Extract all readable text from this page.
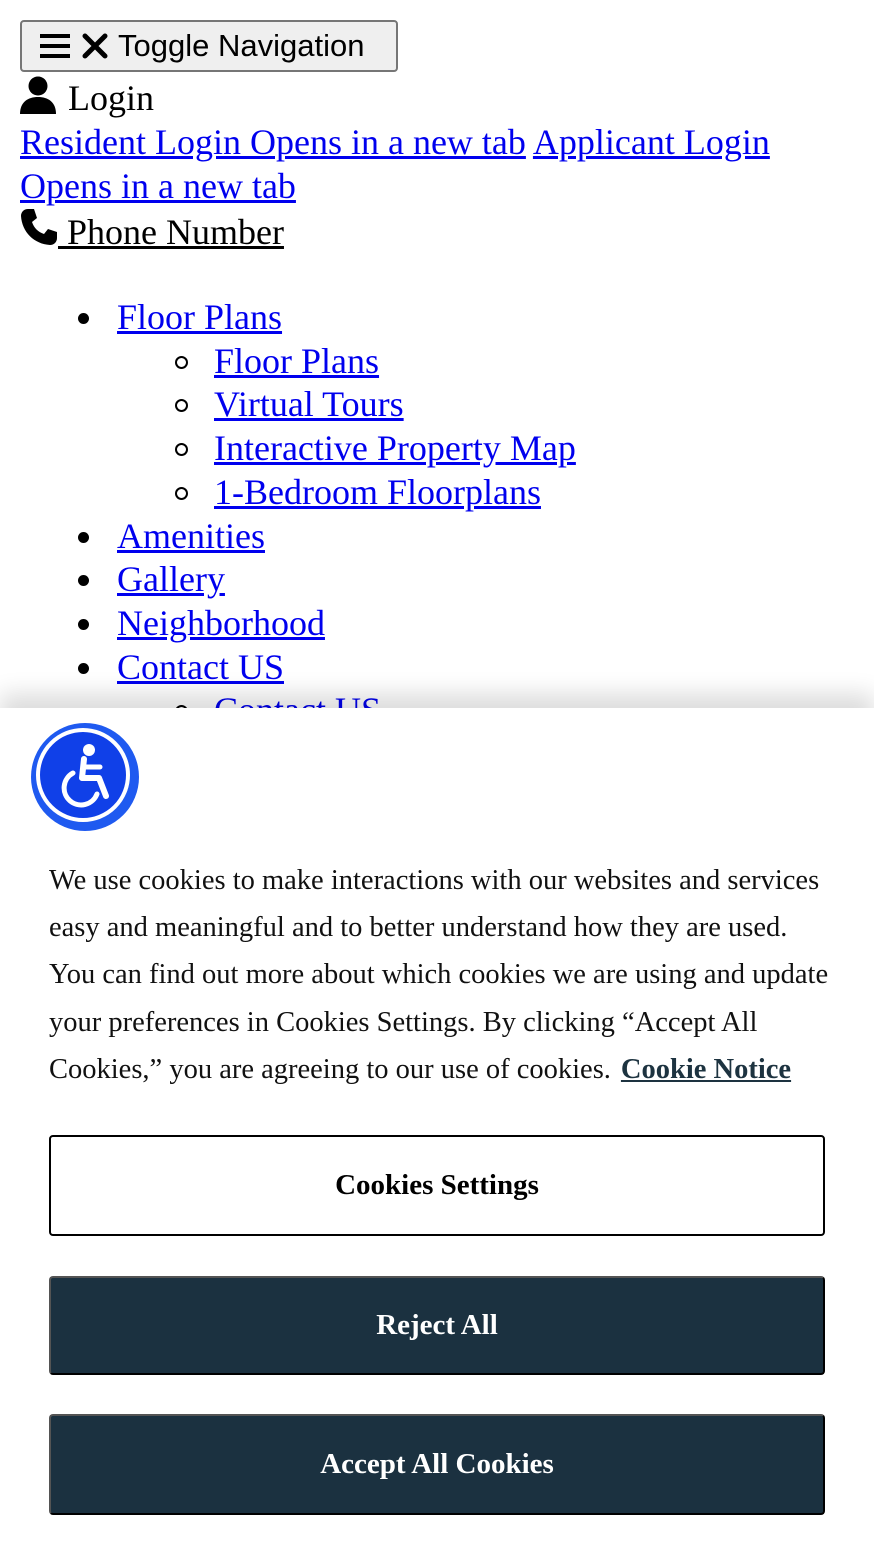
Toggle Navigation
Login
Resident Login Opens in a new tab Applicant Login Opens in a new tab
Phone Number
Floor Plans
Floor Plans
Virtual Tours
Interactive Property Map
1-Bedroom Floorplans
Amenities
Gallery
Neighborhood
Contact US

We use cookies to make interactions with our websites and services easy and meaningful and to better understand how they are used. You can find out more about which cookies we are using and update your preferences in Cookies Settings. By clicking “Accept All Cookies,” you are agreeing to our use of cookies. Cookie Notice

Cookies Settings
Reject All
Accept All Cookies
